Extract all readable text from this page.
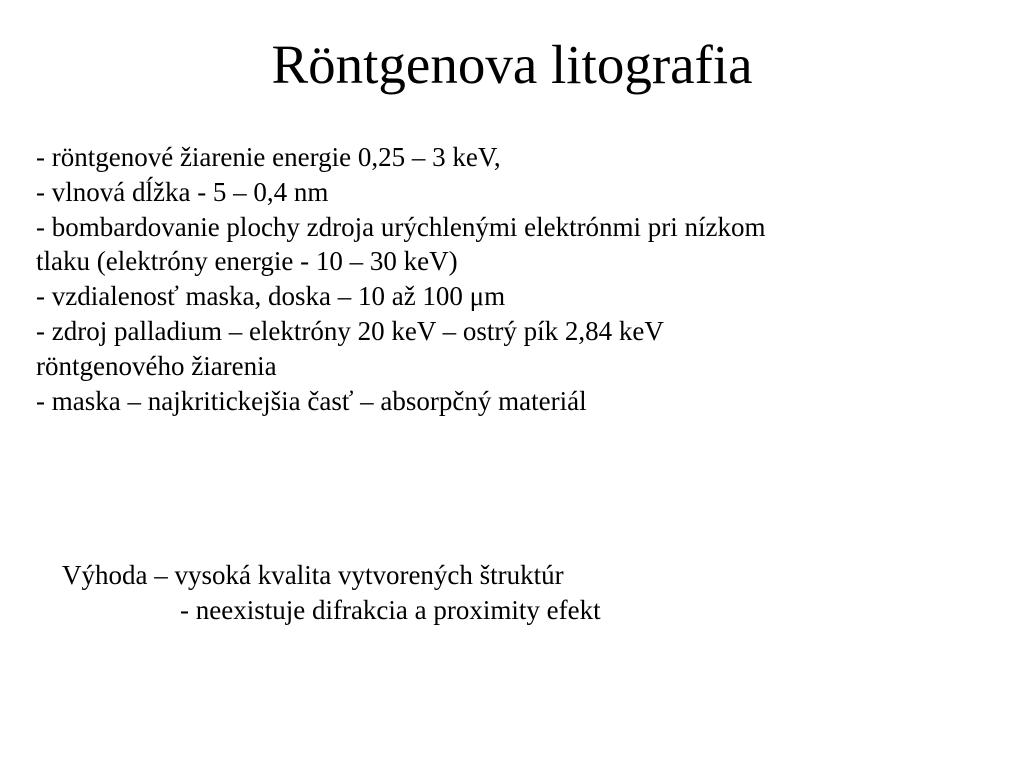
Röntgenova litografia
- röntgenové žiarenie energie 0,25 – 3 keV,
- vlnová dĺžka - 5 – 0,4 nm
- bombardovanie plochy zdroja urýchlenými elektrónmi pri nízkom
tlaku (elektróny energie - 10 – 30 keV)
- vzdialenosť maska, doska – 10 až 100 μm
- zdroj palladium – elektróny 20 keV – ostrý pík 2,84 keV
röntgenového žiarenia
- maska – najkritickejšia časť – absorpčný materiál
Výhoda – vysoká kvalita vytvorených štruktúr
- neexistuje difrakcia a proximity efekt
